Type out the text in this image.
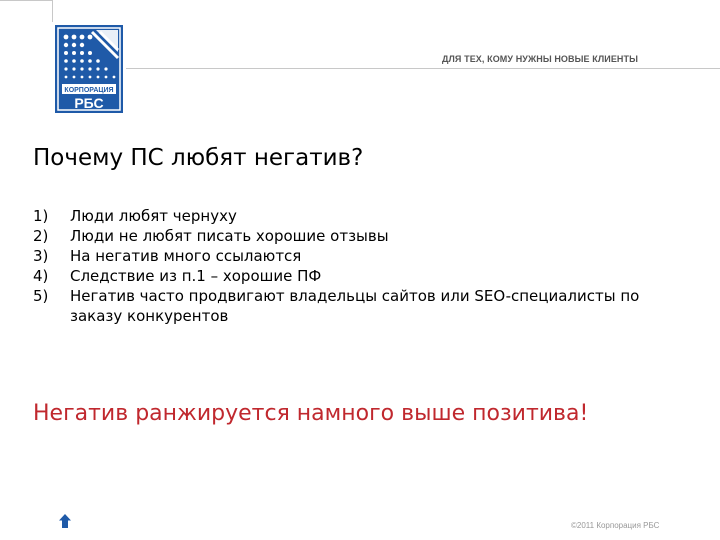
КОРПОРАЦИЯ
РБС
ДЛЯ ТЕХ, КОМУ НУЖНЫ НОВЫЕ КЛИЕНТЫ
Почему ПС любят негатив?
1)	Люди любят чернуху
2)	Люди не любят писать хорошие отзывы
3)	На негатив много ссылаются
4)	Следствие из п.1 – хорошие ПФ
5)	Негатив часто продвигают владельцы сайтов или SEO-специалисты по заказу конкурентов
Негатив ранжируется намного выше позитива!
©2011 Корпорация РБС
